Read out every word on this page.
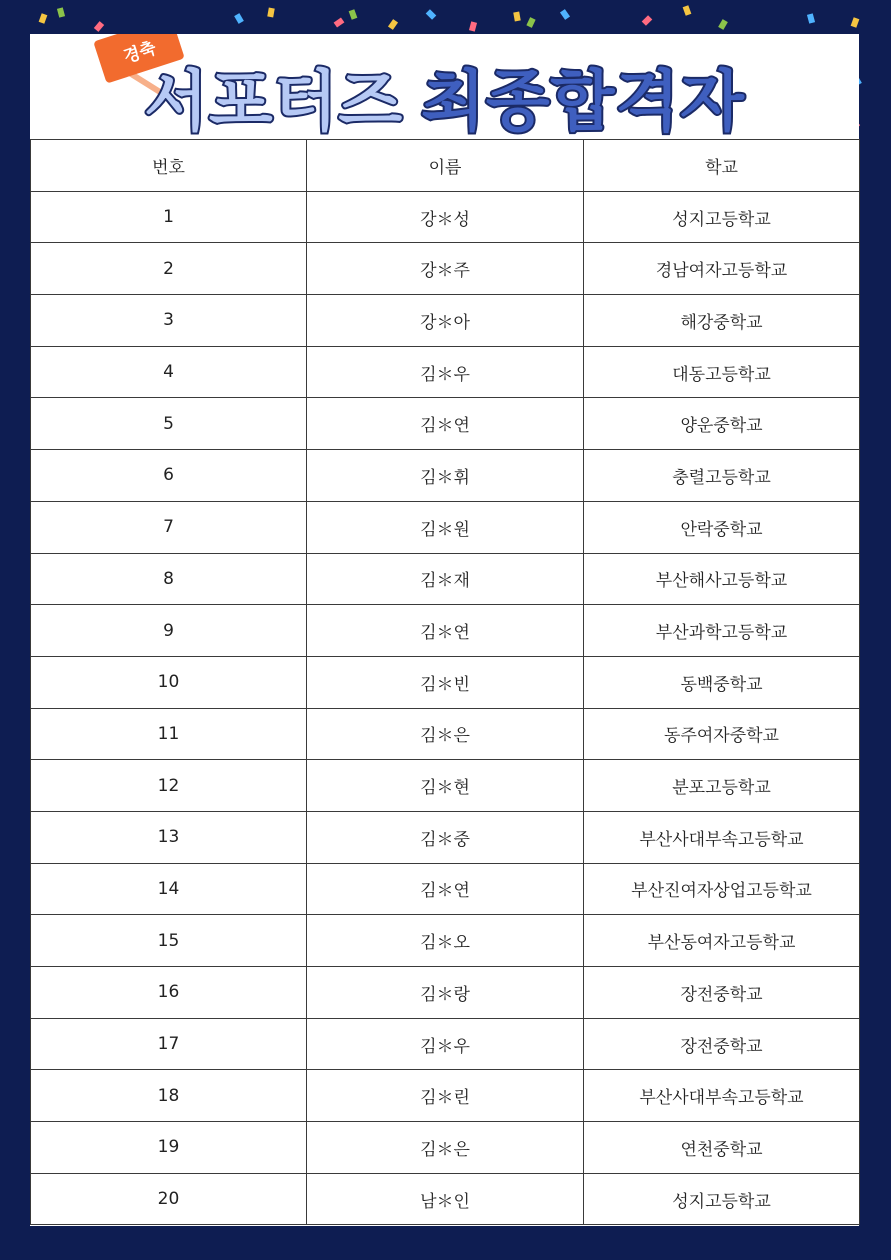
경축
서포터즈 최종합격자
번호	이름	학교
1	강＊성	성지고등학교
2	강＊주	경남여자고등학교
3	강＊아	해강중학교
4	김＊우	대동고등학교
5	김＊연	양운중학교
6	김＊휘	충렬고등학교
7	김＊원	안락중학교
8	김＊재	부산해사고등학교
9	김＊연	부산과학고등학교
10	김＊빈	동백중학교
11	김＊은	동주여자중학교
12	김＊현	분포고등학교
13	김＊중	부산사대부속고등학교
14	김＊연	부산진여자상업고등학교
15	김＊오	부산동여자고등학교
16	김＊랑	장전중학교
17	김＊우	장전중학교
18	김＊린	부산사대부속고등학교
19	김＊은	연천중학교
20	남＊인	성지고등학교
